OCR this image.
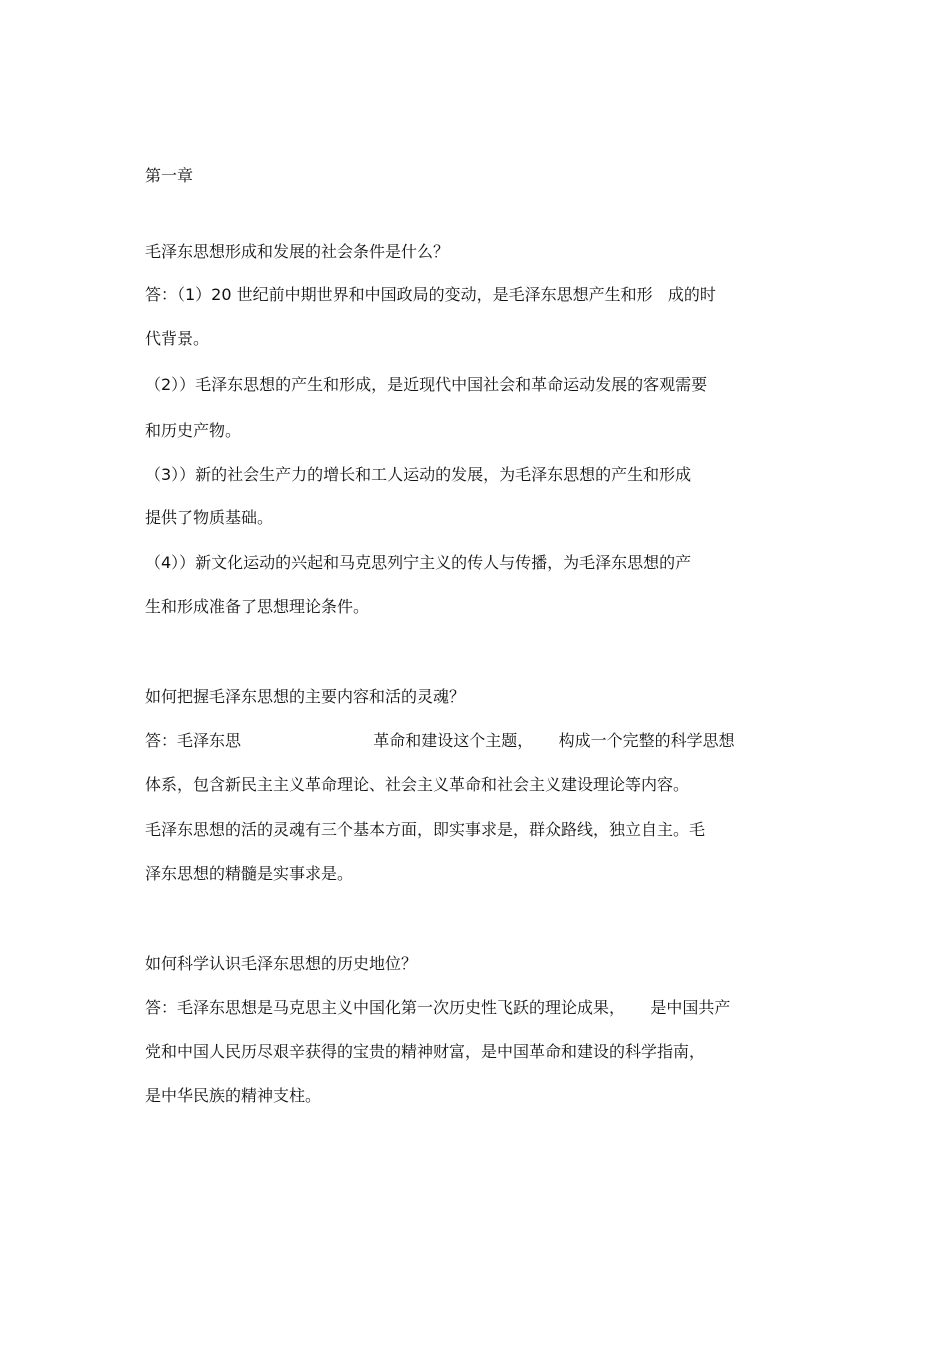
第一章
毛泽东思想形成和发展的社会条件是什么？
答：（1）20 世纪前中期世界和中国政局的变动，是毛泽东思想产生和形   成的时
代背景。
（2））毛泽东思想的产生和形成，是近现代中国社会和革命运动发展的客观需要
和历史产物。
（3））新的社会生产力的增长和工人运动的发展，为毛泽东思想的产生和形成
提供了物质基础。
（4））新文化运动的兴起和马克思列宁主义的传人与传播，为毛泽东思想的产
生和形成准备了思想理论条件。
如何把握毛泽东思想的主要内容和活的灵魂？
答：毛泽东思                          革命和建设这个主题，     构成一个完整的科学思想
体系，包含新民主主义革命理论、社会主义革命和社会主义建设理论等内容。
毛泽东思想的活的灵魂有三个基本方面，即实事求是，群众路线，独立自主。毛
泽东思想的精髓是实事求是。
如何科学认识毛泽东思想的历史地位？
答：毛泽东思想是马克思主义中国化第一次历史性飞跃的理论成果，     是中国共产
党和中国人民历尽艰辛获得的宝贵的精神财富，是中国革命和建设的科学指南，
是中华民族的精神支柱。
